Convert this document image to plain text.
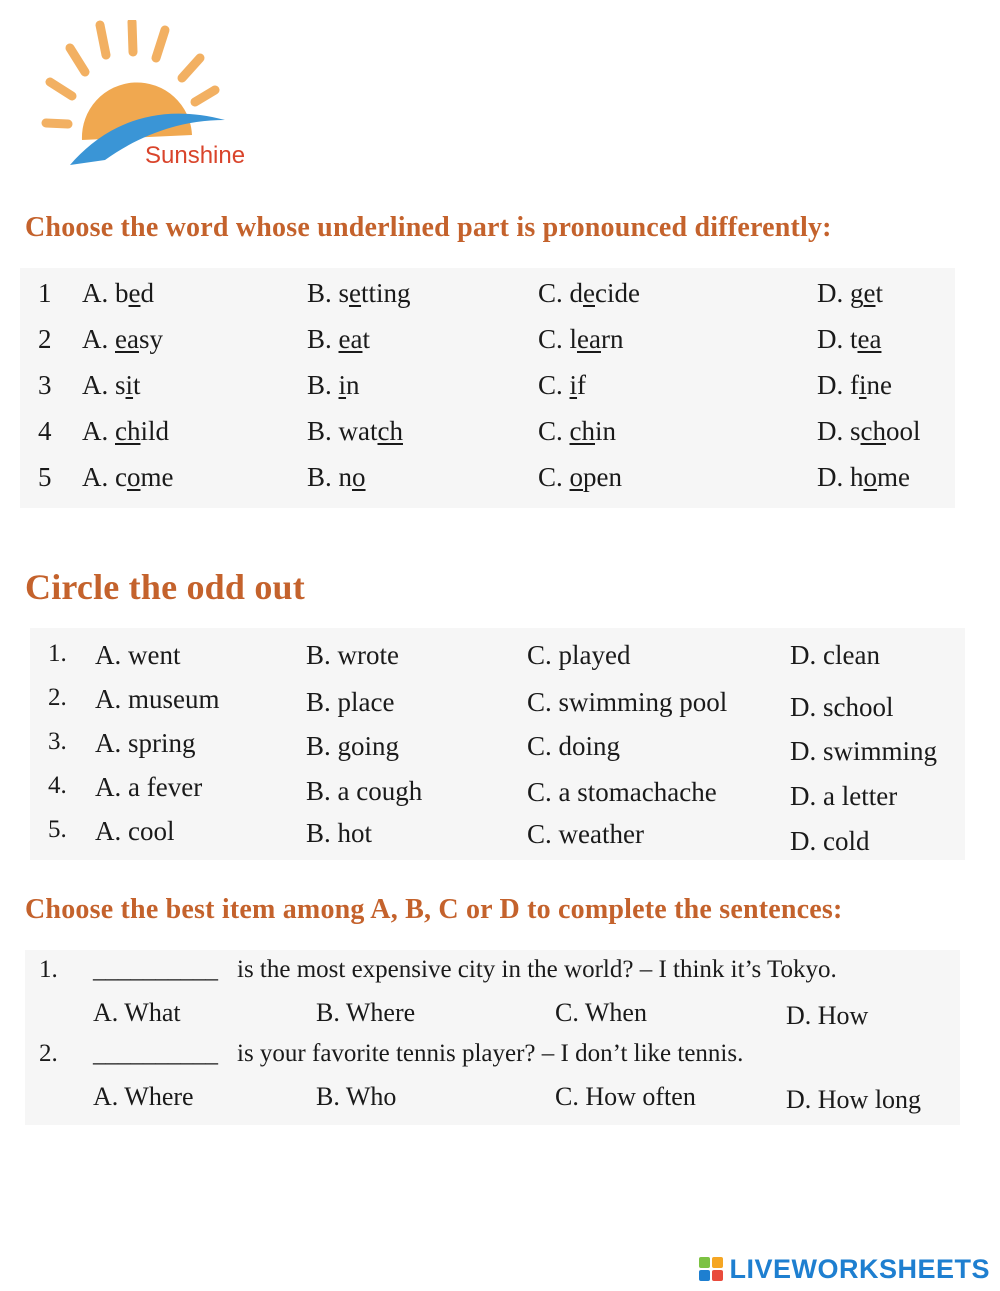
Sunshine
Choose the word whose underlined part is pronounced differently:
1 A. bed	B. setting	C. decide	D. get
2 A. easy	B. eat	C. learn	D. tea
3 A. sit	B. in	C. if	D. fine
4 A. child	B. watch	C. chin	D. school
5 A. come	B. no	C. open	D. home
Circle the odd out
1. A. went	B. wrote	C. played	D. clean
2. A. museum	B. place	C. swimming pool D. school
3. A. spring	B. going	C. doing	D. swimming
4. A. a fever	B. a cough	C. a stomachache	D. a letter
5. A. cool	B. hot	C. weather	D. cold
Choose the best item among A, B, C or D to complete the sentences:
1. __________ is the most expensive city in the world? – I think it’s Tokyo.
A. What	B. Where	C. When	D. How
2. __________ is your favorite tennis player? – I don’t like tennis.
A. Where	B. Who	C. How often	D. How long
LIVEWORKSHEETS
